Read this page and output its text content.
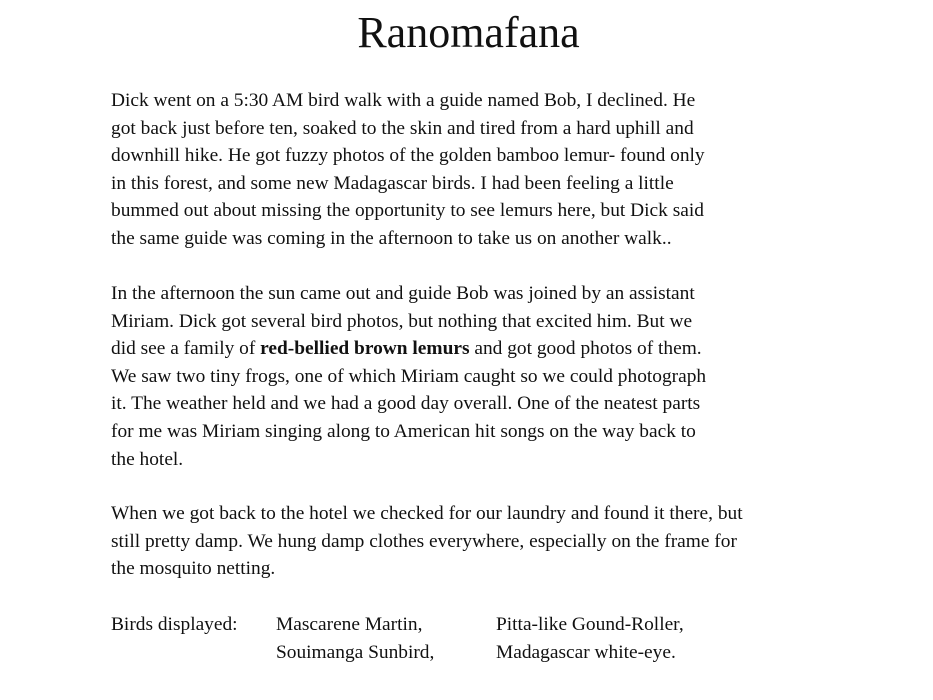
Ranomafana

Dick went on a 5:30 AM bird walk with a guide named Bob, I declined. He
got back just before ten, soaked to the skin and tired from a hard uphill and
downhill hike. He got fuzzy photos of the golden bamboo lemur- found only
in this forest, and some new Madagascar birds. I had been feeling a little
bummed out about missing the opportunity to see lemurs here, but Dick said
the same guide was coming in the afternoon to take us on another walk..

In the afternoon the sun came out and guide Bob was joined by an assistant
Miriam. Dick got several bird photos, but nothing that excited him. But we
did see a family of red-bellied brown lemurs and got good photos of them.
We saw two tiny frogs, one of which Miriam caught so we could photograph
it. The weather held and we had a good day overall. One of the neatest parts
for me was Miriam singing along to American hit songs on the way back to
the hotel.

When we got back to the hotel we checked for our laundry and found it there, but
still pretty damp. We hung damp clothes everywhere, especially on the frame for
the mosquito netting.

Birds displayed: Mascarene Martin,
Souimanga Sunbird,
Pitta-like Gound-Roller,
Madagascar white-eye.
